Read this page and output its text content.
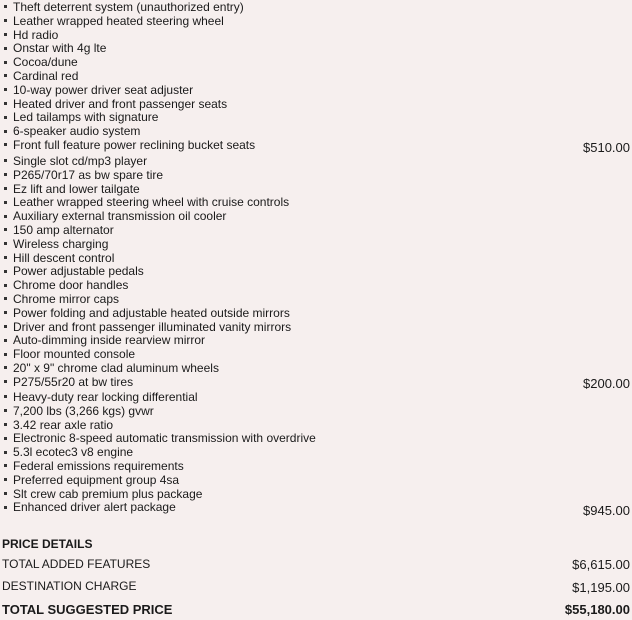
Theft deterrent system (unauthorized entry)
Leather wrapped heated steering wheel
Hd radio
Onstar with 4g lte
Cocoa/dune
Cardinal red
10-way power driver seat adjuster
Heated driver and front passenger seats
Led tailamps with signature
6-speaker audio system
Front full feature power reclining bucket seats	$510.00
Single slot cd/mp3 player
P265/70r17 as bw spare tire
Ez lift and lower tailgate
Leather wrapped steering wheel with cruise controls
Auxiliary external transmission oil cooler
150 amp alternator
Wireless charging
Hill descent control
Power adjustable pedals
Chrome door handles
Chrome mirror caps
Power folding and adjustable heated outside mirrors
Driver and front passenger illuminated vanity mirrors
Auto-dimming inside rearview mirror
Floor mounted console
20" x 9" chrome clad aluminum wheels
P275/55r20 at bw tires	$200.00
Heavy-duty rear locking differential
7,200 lbs (3,266 kgs) gvwr
3.42 rear axle ratio
Electronic 8-speed automatic transmission with overdrive
5.3l ecotec3 v8 engine
Federal emissions requirements
Preferred equipment group 4sa
Slt crew cab premium plus package
Enhanced driver alert package	$945.00
PRICE DETAILS
TOTAL ADDED FEATURES	$6,615.00
DESTINATION CHARGE	$1,195.00
TOTAL SUGGESTED PRICE	$55,180.00
